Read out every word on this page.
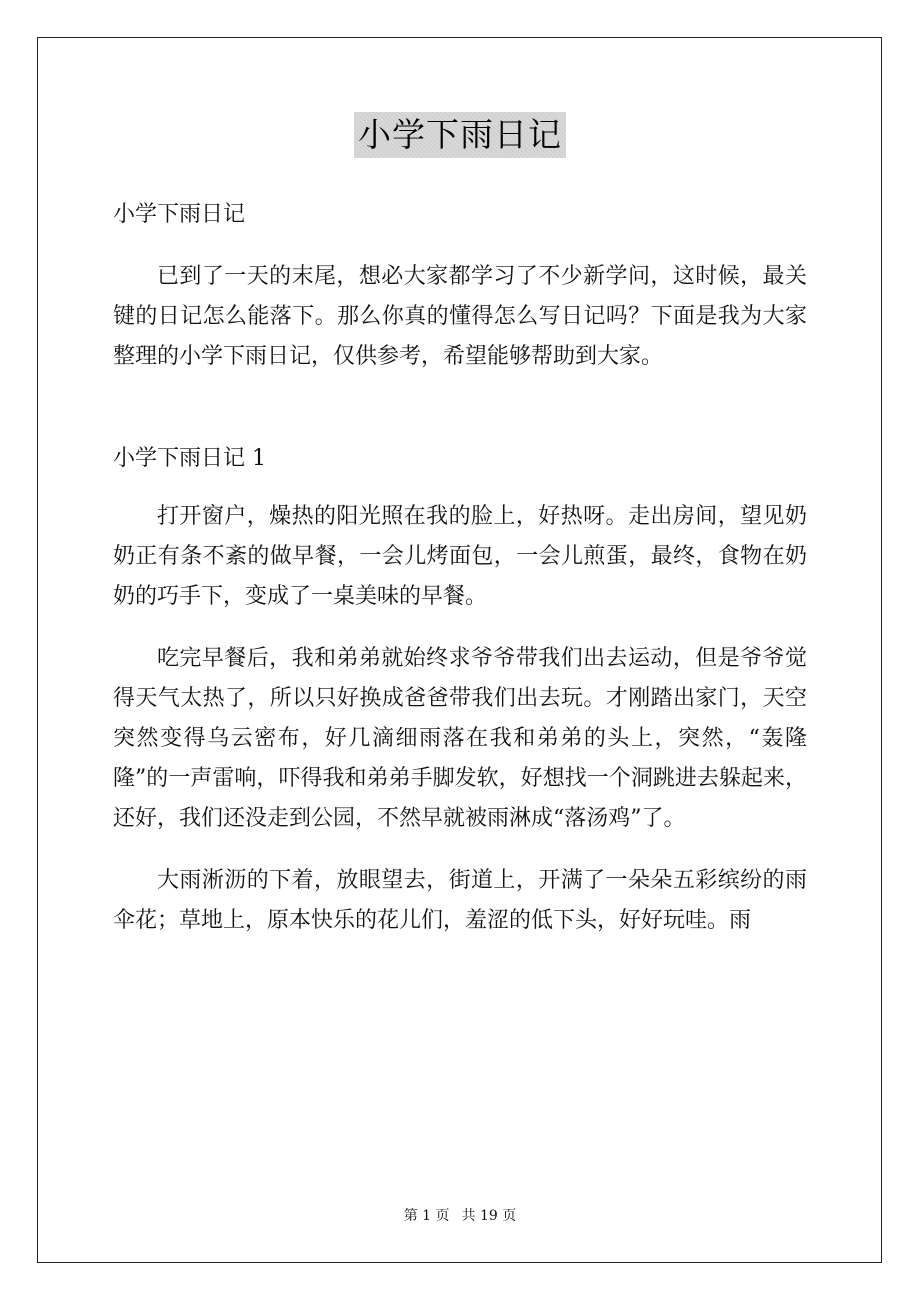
小学下雨日记

小学下雨日记

已到了一天的末尾，想必大家都学习了不少新学问，这时候，最关键的日记怎么能落下。那么你真的懂得怎么写日记吗？下面是我为大家整理的小学下雨日记，仅供参考，希望能够帮助到大家。

小学下雨日记 1

打开窗户，燥热的阳光照在我的脸上，好热呀。走出房间，望见奶奶正有条不紊的做早餐，一会儿烤面包，一会儿煎蛋，最终，食物在奶奶的巧手下，变成了一桌美味的早餐。

吃完早餐后，我和弟弟就始终求爷爷带我们出去运动，但是爷爷觉得天气太热了，所以只好换成爸爸带我们出去玩。才刚踏出家门，天空突然变得乌云密布，好几滴细雨落在我和弟弟的头上，突然，“轰隆隆”的一声雷响，吓得我和弟弟手脚发软，好想找一个洞跳进去躲起来，还好，我们还没走到公园，不然早就被雨淋成“落汤鸡”了。

大雨淅沥的下着，放眼望去，街道上，开满了一朵朵五彩缤纷的雨伞花；草地上，原本快乐的花儿们，羞涩的低下头，好好玩哇。雨

第 1 页 共 19 页
